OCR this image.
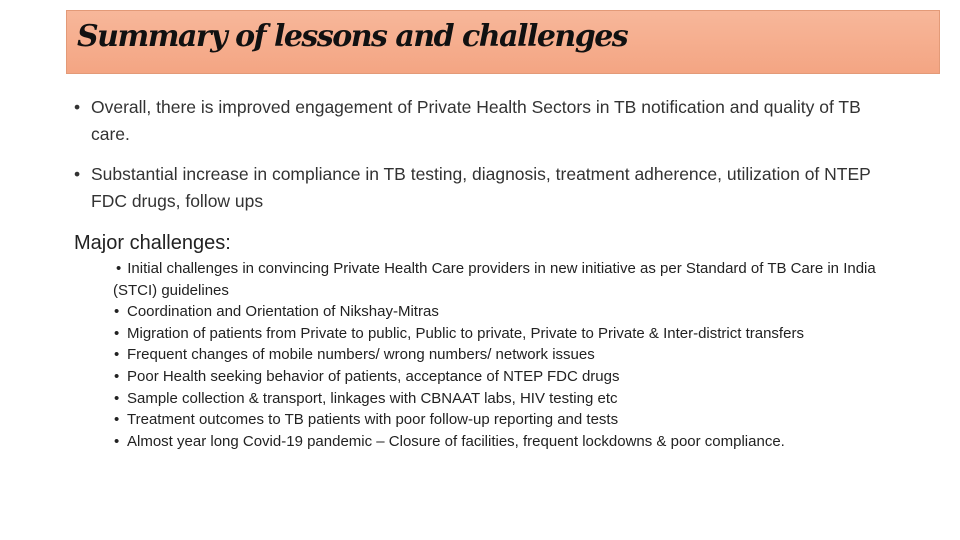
Summary of lessons and challenges
• Overall, there is improved engagement of Private Health Sectors in TB notification and quality of TB care.
• Substantial increase in compliance in TB testing, diagnosis, treatment adherence, utilization of NTEP FDC drugs, follow ups
Major challenges:
• Initial challenges in convincing Private Health Care providers in new initiative as per Standard of TB Care in India (STCI) guidelines
• Coordination and Orientation of Nikshay-Mitras
• Migration of patients from Private to public, Public to private, Private to Private & Inter-district transfers
• Frequent changes of mobile numbers/ wrong numbers/ network issues
• Poor Health seeking behavior of patients, acceptance of NTEP FDC drugs
• Sample collection & transport, linkages with CBNAAT labs, HIV testing etc
• Treatment outcomes to TB patients with poor follow-up reporting and tests
• Almost year long Covid-19 pandemic – Closure of facilities, frequent lockdowns & poor compliance.
